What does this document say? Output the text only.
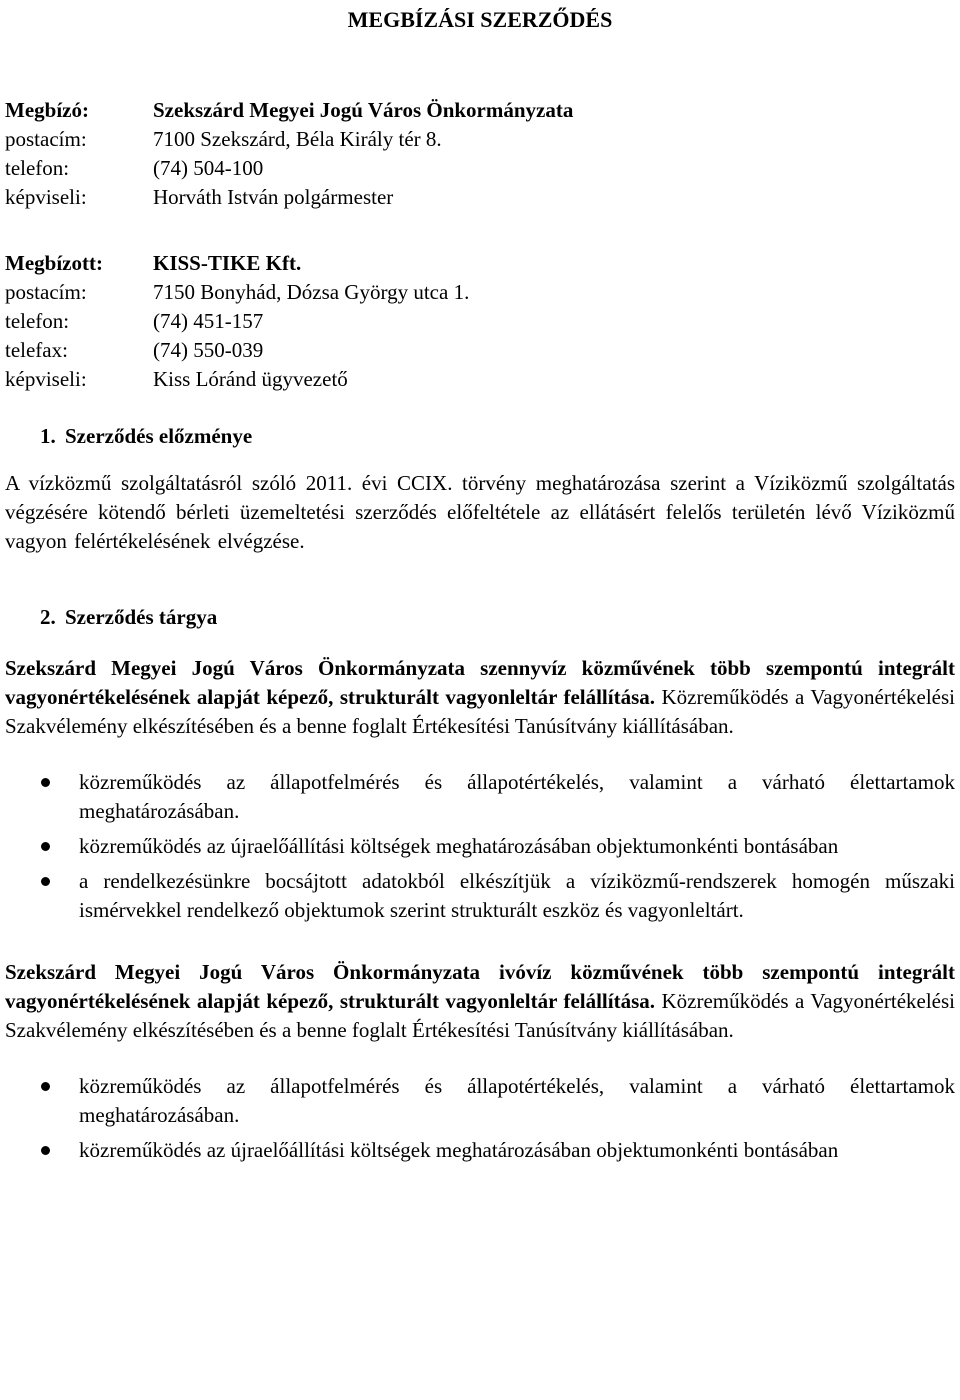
MEGBÍZÁSI SZERZŐDÉS
Megbízó:	Szekszárd Megyei Jogú Város Önkormányzata
postacím:	7100 Szekszárd, Béla Király tér 8.
telefon:	(74) 504-100
képviseli:	Horváth István polgármester
Megbízott:	KISS-TIKE Kft.
postacím:	7150 Bonyhád, Dózsa György utca 1.
telefon:	(74) 451-157
telefax:	(74) 550-039
képviseli:	Kiss Lóránd ügyvezető
1. Szerződés előzménye
A vízközmű szolgáltatásról szóló 2011. évi CCIX. törvény meghatározása szerint a Víziközmű szolgáltatás végzésére kötendő bérleti üzemeltetési szerződés előfeltétele az ellátásért felelős területén lévő Víziközmű vagyon felértékelésének elvégzése.
2. Szerződés tárgya
Szekszárd Megyei Jogú Város Önkormányzata szennyvíz közművének több szempontú integrált vagyonértékelésének alapját képező, strukturált vagyonleltár felállítása. Közreműködés a Vagyonértékelési Szakvélemény elkészítésében és a benne foglalt Értékesítési Tanúsítvány kiállításában.
közreműködés az állapotfelmérés és állapotértékelés, valamint a várható élettartamok meghatározásában.
közreműködés az újraelőállítási költségek meghatározásában objektumonkénti bontásában
a rendelkezésünkre bocsájtott adatokból elkészítjük a víziközmű-rendszerek homogén műszaki ismérvekkel rendelkező objektumok szerint strukturált eszköz és vagyonleltárt.
Szekszárd Megyei Jogú Város Önkormányzata ivóvíz közművének több szempontú integrált vagyonértékelésének alapját képező, strukturált vagyonleltár felállítása. Közreműködés a Vagyonértékelési Szakvélemény elkészítésében és a benne foglalt Értékesítési Tanúsítvány kiállításában.
közreműködés az állapotfelmérés és állapotértékelés, valamint a várható élettartamok meghatározásában.
közreműködés az újraelőállítási költségek meghatározásában objektumonkénti bontásában
